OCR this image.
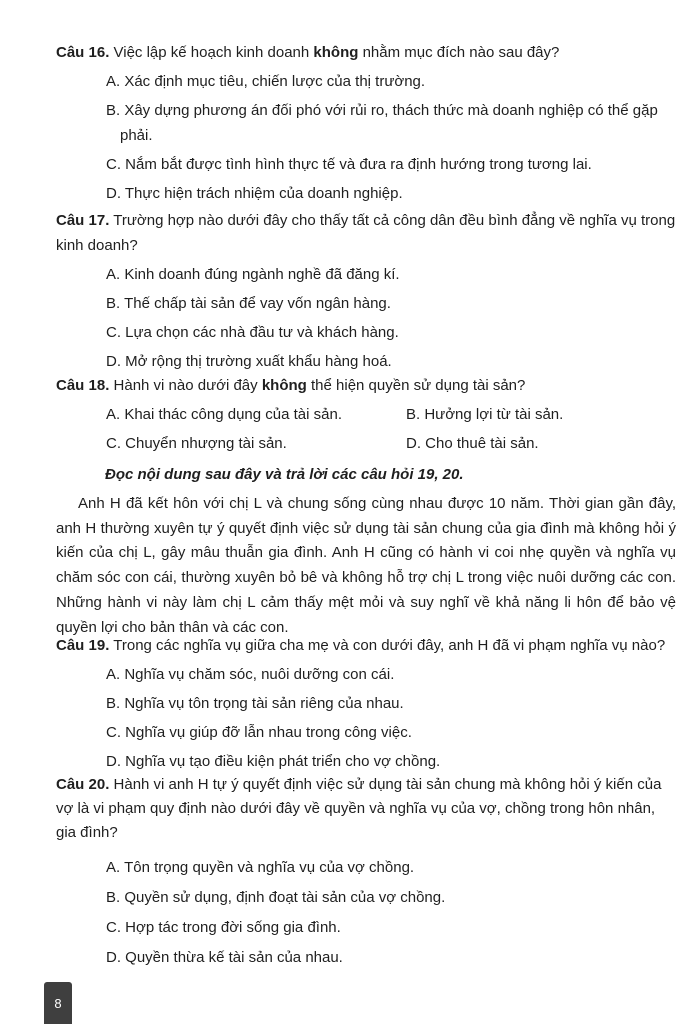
Câu 16. Việc lập kế hoạch kinh doanh không nhằm mục đích nào sau đây?
A. Xác định mục tiêu, chiến lược của thị trường.
B. Xây dựng phương án đối phó với rủi ro, thách thức mà doanh nghiệp có thể gặp phải.
C. Nắm bắt được tình hình thực tế và đưa ra định hướng trong tương lai.
D. Thực hiện trách nhiệm của doanh nghiệp.
Câu 17. Trường hợp nào dưới đây cho thấy tất cả công dân đều bình đẳng về nghĩa vụ trong kinh doanh?
A. Kinh doanh đúng ngành nghề đã đăng kí.
B. Thế chấp tài sản để vay vốn ngân hàng.
C. Lựa chọn các nhà đầu tư và khách hàng.
D. Mở rộng thị trường xuất khẩu hàng hoá.
Câu 18. Hành vi nào dưới đây không thể hiện quyền sử dụng tài sản?
A. Khai thác công dụng của tài sản.	B. Hưởng lợi từ tài sản.
C. Chuyển nhượng tài sản.	D. Cho thuê tài sản.
Đọc nội dung sau đây và trả lời các câu hỏi 19, 20.
Anh H đã kết hôn với chị L và chung sống cùng nhau được 10 năm. Thời gian gần đây, anh H thường xuyên tự ý quyết định việc sử dụng tài sản chung của gia đình mà không hỏi ý kiến của chị L, gây mâu thuẫn gia đình. Anh H cũng có hành vi coi nhẹ quyền và nghĩa vụ chăm sóc con cái, thường xuyên bỏ bê và không hỗ trợ chị L trong việc nuôi dưỡng các con. Những hành vi này làm chị L cảm thấy mệt mỏi và suy nghĩ về khả năng li hôn để bảo vệ quyền lợi cho bản thân và các con.
Câu 19. Trong các nghĩa vụ giữa cha mẹ và con dưới đây, anh H đã vi phạm nghĩa vụ nào?
A. Nghĩa vụ chăm sóc, nuôi dưỡng con cái.
B. Nghĩa vụ tôn trọng tài sản riêng của nhau.
C. Nghĩa vụ giúp đỡ lẫn nhau trong công việc.
D. Nghĩa vụ tạo điều kiện phát triển cho vợ chồng.
Câu 20. Hành vi anh H tự ý quyết định việc sử dụng tài sản chung mà không hỏi ý kiến của vợ là vi phạm quy định nào dưới đây về quyền và nghĩa vụ của vợ, chồng trong hôn nhân, gia đình?
A. Tôn trọng quyền và nghĩa vụ của vợ chồng.
B. Quyền sử dụng, định đoạt tài sản của vợ chồng.
C. Hợp tác trong đời sống gia đình.
D. Quyền thừa kế tài sản của nhau.
8
